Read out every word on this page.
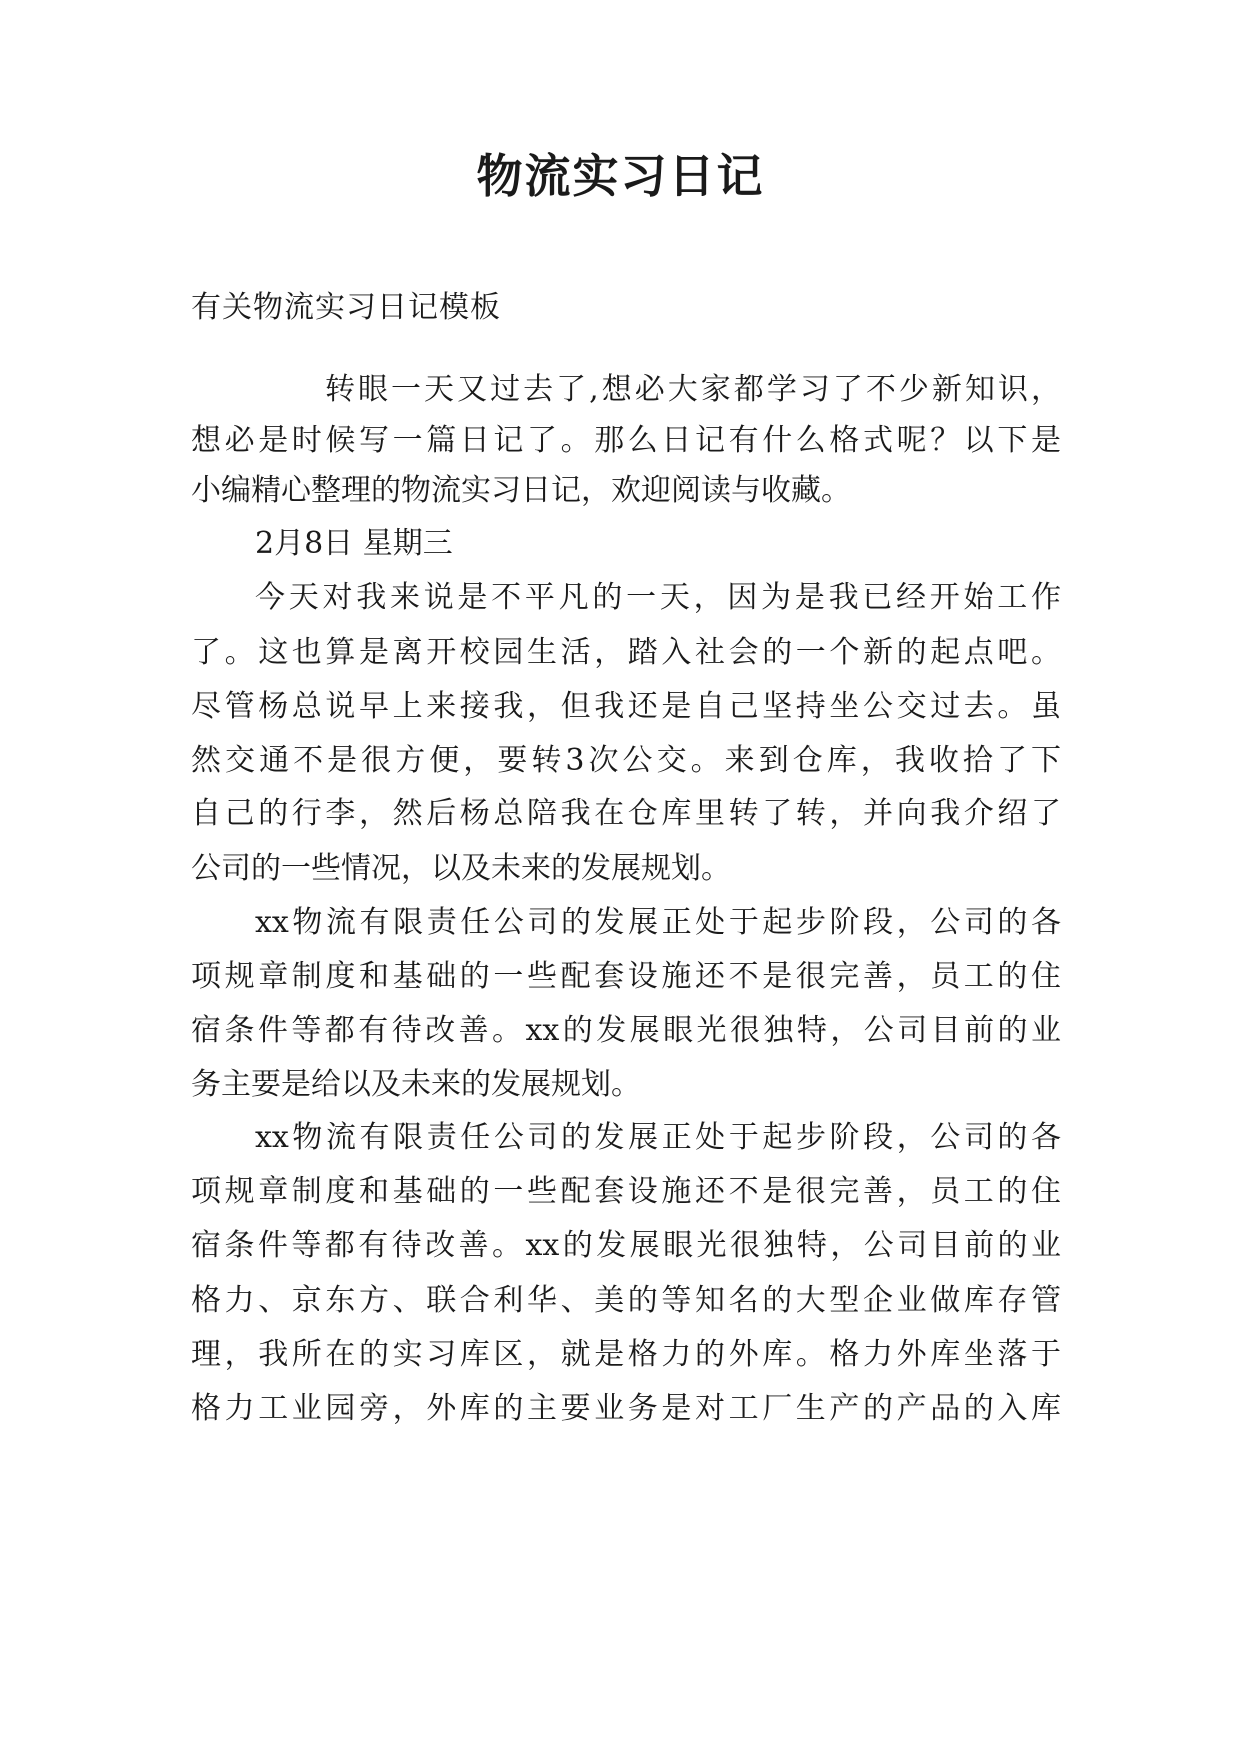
物流实习日记

有关物流实习日记模板

转眼一天又过去了,想必大家都学习了不少新知识，

想必是时候写一篇日记了。那么日记有什么格式呢？以下是

小编精心整理的物流实习日记，欢迎阅读与收藏。

2月8日 星期三

今天对我来说是不平凡的一天，因为是我已经开始工作

了。这也算是离开校园生活，踏入社会的一个新的起点吧。

尽管杨总说早上来接我，但我还是自己坚持坐公交过去。虽

然交通不是很方便，要转3次公交。来到仓库，我收拾了下

自己的行李，然后杨总陪我在仓库里转了转，并向我介绍了

公司的一些情况，以及未来的发展规划。

xx物流有限责任公司的发展正处于起步阶段，公司的各

项规章制度和基础的一些配套设施还不是很完善，员工的住

宿条件等都有待改善。xx的发展眼光很独特，公司目前的业

务主要是给以及未来的发展规划。

xx物流有限责任公司的发展正处于起步阶段，公司的各

项规章制度和基础的一些配套设施还不是很完善，员工的住

宿条件等都有待改善。xx的发展眼光很独特，公司目前的业

格力、京东方、联合利华、美的等知名的大型企业做库存管

理，我所在的实习库区，就是格力的外库。格力外库坐落于

格力工业园旁，外库的主要业务是对工厂生产的产品的入库
